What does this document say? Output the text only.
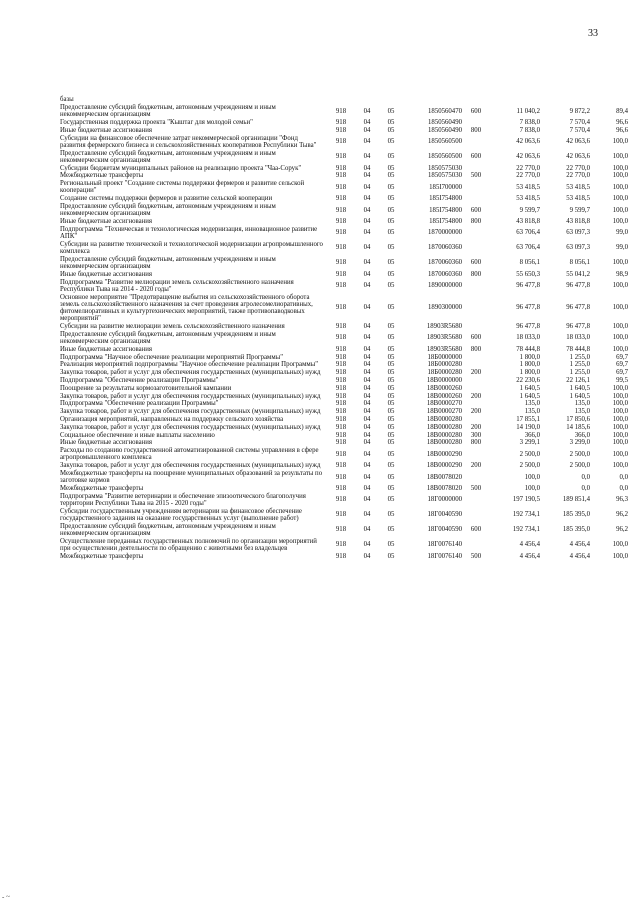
33
базы								
Предоставление субсидий бюджетным, автономным учреждениям и иным некоммерческим организациям	918	04	05	1850560470	600	11 040,2	9 872,2	89,4
Государственная поддержка проекта "Кыштаг для молодой семьи"	918	04	05	1850560490		7 838,0	7 570,4	96,6
Иные бюджетные ассигнования	918	04	05	1850560490	800	7 838,0	7 570,4	96,6
Субсидии на финансовое обеспечение затрат некоммерческой организации "Фонд развития фермерского бизнеса и сельскохозяйственных кооперативов Республики Тыва"	918	04	05	1850560500		42 063,6	42 063,6	100,0
Предоставление субсидий бюджетным, автономным учреждениям и иным некоммерческим организациям	918	04	05	1850560500	600	42 063,6	42 063,6	100,0
Субсидии бюджетам муниципальных районов на реализацию проекта "Чаа-Сорук"	918	04	05	1850575030		22 770,0	22 770,0	100,0
Межбюджетные трансферты	918	04	05	1850575030	500	22 770,0	22 770,0	100,0
Региональный проект "Создание системы поддержки фермеров и развитие сельской кооперации"	918	04	05	185I700000		53 418,5	53 418,5	100,0
Создание системы поддержки фермеров и развитие сельской кооперации	918	04	05	185I754800		53 418,5	53 418,5	100,0
Предоставление субсидий бюджетным, автономным учреждениям и иным некоммерческим организациям	918	04	05	185I754800	600	9 599,7	9 599,7	100,0
Иные бюджетные ассигнования	918	04	05	185I754800	800	43 818,8	43 818,8	100,0
Подпрограмма "Техническая и технологическая модернизация, инновационное развитие АПК"	918	04	05	1870000000		63 706,4	63 097,3	99,0
Субсидии на развитие технической и технологической модернизации агропромышленного комплекса	918	04	05	1870060360		63 706,4	63 097,3	99,0
Предоставление субсидий бюджетным, автономным учреждениям и иным некоммерческим организациям	918	04	05	1870060360	600	8 056,1	8 056,1	100,0
Иные бюджетные ассигнования	918	04	05	1870060360	800	55 650,3	55 041,2	98,9
Подпрограмма "Развитие мелиорации земель сельскохозяйственного назначения Республики Тыва на 2014 - 2020 годы"	918	04	05	1890000000		96 477,8	96 477,8	100,0
Основное мероприятие "Предотвращение выбытия из сельскохозяйственного оборота земель сельскохозяйственного назначения за счет проведения агролесомелиоративных, фитомелиоративных и культуртехнических мероприятий, также противопаводковых мероприятий"	918	04	05	1890300000		96 477,8	96 477,8	100,0
Субсидии на развитие мелиорации земель сельскохозяйственного назначения	918	04	05	18903R5680		96 477,8	96 477,8	100,0
Предоставление субсидий бюджетным, автономным учреждениям и иным некоммерческим организациям	918	04	05	18903R5680	600	18 033,0	18 033,0	100,0
Иные бюджетные ассигнования	918	04	05	18903R5680	800	78 444,8	78 444,8	100,0
Подпрограмма "Научное обеспечение реализации мероприятий Программы"	918	04	05	18Б0000000		1 800,0	1 255,0	69,7
Реализация мероприятий подпрограммы "Научное обеспечение реализации Программы"	918	04	05	18Б0000280		1 800,0	1 255,0	69,7
Закупка товаров, работ и услуг для обеспечения государственных (муниципальных) нужд	918	04	05	18Б0000280	200	1 800,0	1 255,0	69,7
Подпрограмма "Обеспечение реализации Программы"	918	04	05	18В0000000		22 230,6	22 126,1	99,5
Поощрение за результаты кормозаготовительной кампании	918	04	05	18В0000260		1 640,5	1 640,5	100,0
Закупка товаров, работ и услуг для обеспечения государственных (муниципальных) нужд	918	04	05	18В0000260	200	1 640,5	1 640,5	100,0
Подпрограмма "Обеспечение реализации Программы"	918	04	05	18В0000270		135,0	135,0	100,0
Закупка товаров, работ и услуг для обеспечения государственных (муниципальных) нужд	918	04	05	18В0000270	200	135,0	135,0	100,0
Организация мероприятий, направленных на поддержку сельского хозяйства	918	04	05	18В0000280		17 855,1	17 850,6	100,0
Закупка товаров, работ и услуг для обеспечения государственных (муниципальных) нужд	918	04	05	18В0000280	200	14 190,0	14 185,6	100,0
Социальное обеспечение и иные выплаты населению	918	04	05	18В0000280	300	366,0	366,0	100,0
Иные бюджетные ассигнования	918	04	05	18В0000280	800	3 299,1	3 299,0	100,0
Расходы по созданию государственной автоматизированной системы управления в сфере агропромышленного комплекса	918	04	05	18В0000290		2 500,0	2 500,0	100,0
Закупка товаров, работ и услуг для обеспечения государственных (муниципальных) нужд	918	04	05	18В0000290	200	2 500,0	2 500,0	100,0
Межбюджетные трансферты на поощрение муниципальных образований за результаты по заготовке кормов	918	04	05	18В0078020		100,0	0,0	0,0
Межбюджетные трансферты	918	04	05	18В0078020	500	100,0	0,0	0,0
Подпрограмма "Развитие ветеринарии и обеспечение эпизоотического благополучия территории Республики Тыва на 2015 - 2020 годы"	918	04	05	18Г0000000		197 190,5	189 851,4	96,3
Субсидии государственным учреждениям ветеринарии на финансовое обеспечение государственного задания на оказание государственных услуг (выполнение работ)	918	04	05	18Г0040590		192 734,1	185 395,0	96,2
Предоставление субсидий бюджетным, автономным учреждениям и иным некоммерческим организациям	918	04	05	18Г0040590	600	192 734,1	185 395,0	96,2
Осуществление переданных государственных полномочий по организации мероприятий при осуществлении деятельности по обращению с животными без владельцев	918	04	05	18Г0076140		4 456,4	4 456,4	100,0
Межбюджетные трансферты	918	04	05	18Г0076140	500	4 456,4	4 456,4	100,0
- ~
